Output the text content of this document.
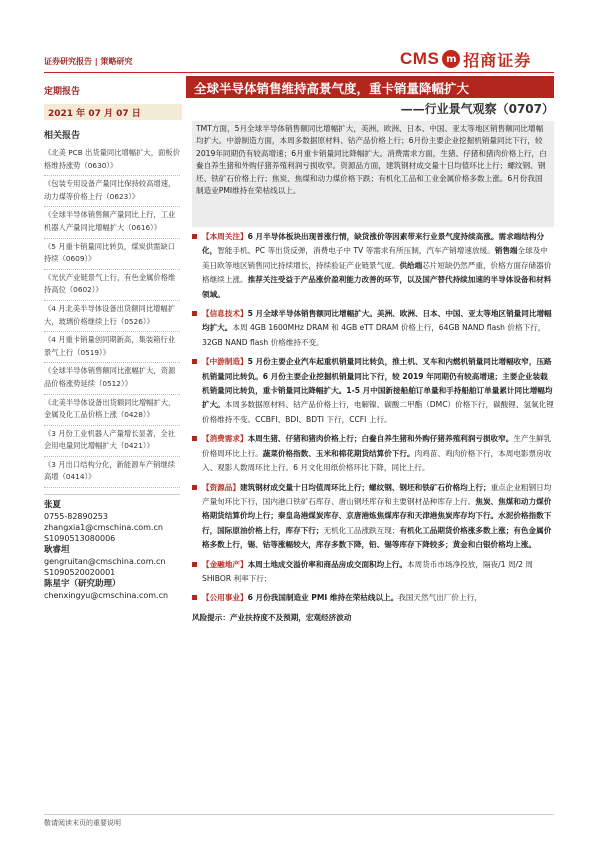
证券研究报告 | 策略研究	CMS m 招商证券
定期报告	全球半导体销售维持高景气度，重卡销量降幅扩大
——行业景气观察（0707）
2021 年 07 月 07 日
相关报告
《北美 PCB 出货量同比增幅扩大，面板价格维持涨势（0630）》
《包装专用设备产量同比保持较高增速，动力煤等价格上行（0623）》
《全球半导体销售额产量同比上行，工业机器人产量同比增幅扩大（0616）》
《5 月重卡销量同比转负，煤炭供需缺口持续（0609）》
《光伏产业链景气上行，有色金属价格维持高位（0602）》
《4 月北美半导体设备出货额同比增幅扩大，玻璃价格继续上行（0526）》
《4 月重卡销量创同期新高，集装箱行业景气上行（0519）》
《全球半导体销售额同比涨幅扩大，资源品价格涨势延续（0512）》
《北美半导体设备出货额同比增幅扩大，金属及化工品价格上涨（0428）》
《3 月份工业机器人产量增长显著，全社会用电量同比增幅扩大（0421）》
《3 月出口结构分化，新能源车产销继续高增（0414）》
张夏
0755-82890253
zhangxia1@cmschina.com.cn
S1090513080006
耿睿坦
gengruitan@cmschina.com.cn
S1090520020001
陈星宇（研究助理）
chenxingyu@cmschina.com.cn
TMT方面，5月全球半导体销售额同比增幅扩大，美洲、欧洲、日本、中国、亚太等地区销售额同比增幅均扩大。中游制造方面，本周多数据原材料、钴产品价格上行；6月份主要企业挖掘机销量同比下行，较2019年同期仍有较高增速；6月重卡销量同比降幅扩大。消费需求方面，生猪、仔猪和猪肉价格上行，白鲞自养生猪和外购仔猪养殖利润亏损收窄。资源品方面，建筑钢材成交量十日均值环比上行；螺纹钢、钢坯、铁矿石价格上行；焦炭、焦煤和动力煤价格下跌；有机化工品和工业金属价格多数上涨。6月份我国制造业PMI维持在荣枯线以上。
【本周关注】6 月半导体板块出现普涨行情，缺货涨价等因素带来行业景气度持续高涨。需求端结构分化，智能手机、PC 等出货反弹，消费电子中 TV 等需求有所压制，汽车产销增速放缓。销售端全球及中美日欧等地区销售同比持续增长，持续验证产业链景气度。供给端芯片短缺仍然严重，价格方面存储器价格继续上涨。推荐关注受益于产品涨价盈利能力改善的环节，以及国产替代持续加速的半导体设备和材料领域。
【信息技术】5 月全球半导体销售额同比增幅扩大。美洲、欧洲、日本、中国、亚太等地区销量同比增幅均扩大。本周 4GB 1600MHz DRAM 和 4GB eTT DRAM 价格上行，64GB NAND flash 价格下行，32GB NAND flash 价格维持不变。
【中游制造】5 月份主要企业汽车起重机销量同比转负，推土机、叉车和内燃机销量同比增幅收窄，压路机销量同比转负。6 月份主要企业挖掘机销量同比下行，较 2019 年同期仍有较高增速；主要企业装载机销量同比转负，重卡销量同比降幅扩大。1-5 月中国新接船舶订单量和手持船舶订单量累计同比增幅均扩大。本周多数据原材料、钴产品价格上行，电解镍、碳酸二甲酯（DMC）价格下行，碳酸锂、氢氧化锂价格维持不变。CCBFI、BDI、BDTI 下行，CCFI 上行。
【消费需求】本周生猪、仔猪和猪肉价格上行；白鲞自养生猪和外购仔猪养殖利润亏损收窄。生产生鲜乳价格周环比上行。蔬菜价格指数、玉米和棉花期货结算价下行。肉鸡苗、鸡肉价格下行，本周电影票房收入、观影人数周环比上行。6 月文化用纸价格环比下降，同比上行。
【资源品】建筑钢材成交量十日均值周环比上行；螺纹钢、钢坯和铁矿石价格均上行；重点企业粗钢日均产量旬环比下行，国内港口铁矿石库存、唐山钢坯库存和主要钢材品种库存上行。焦炭、焦煤和动力煤价格期货结算价均上行；秦皇岛港煤炭库存、京唐港炼焦煤库存和天津港焦炭库存均下行。水泥价格指数下行，国际原油价格上行，库存下行；无机化工品涨跌互现；有机化工品期货价格涨多数上涨；有色金属价格多数上行，锡、钴等涨幅较大，库存多数下降，铅、锡等库存下降较多；黄金和白银价格均上涨。
【金融地产】本周土地成交溢价率和商品房成交面积均上行。本周货币市场净投放，隔夜/1 周/2 周 SHIBOR 利率下行；
【公用事业】6 月份我国制造业 PMI 维持在荣枯线以上。我国天然气出厂价上行，
风险提示：产业扶持度不及预期，宏观经济波动
敬请阅读末页的重要说明
